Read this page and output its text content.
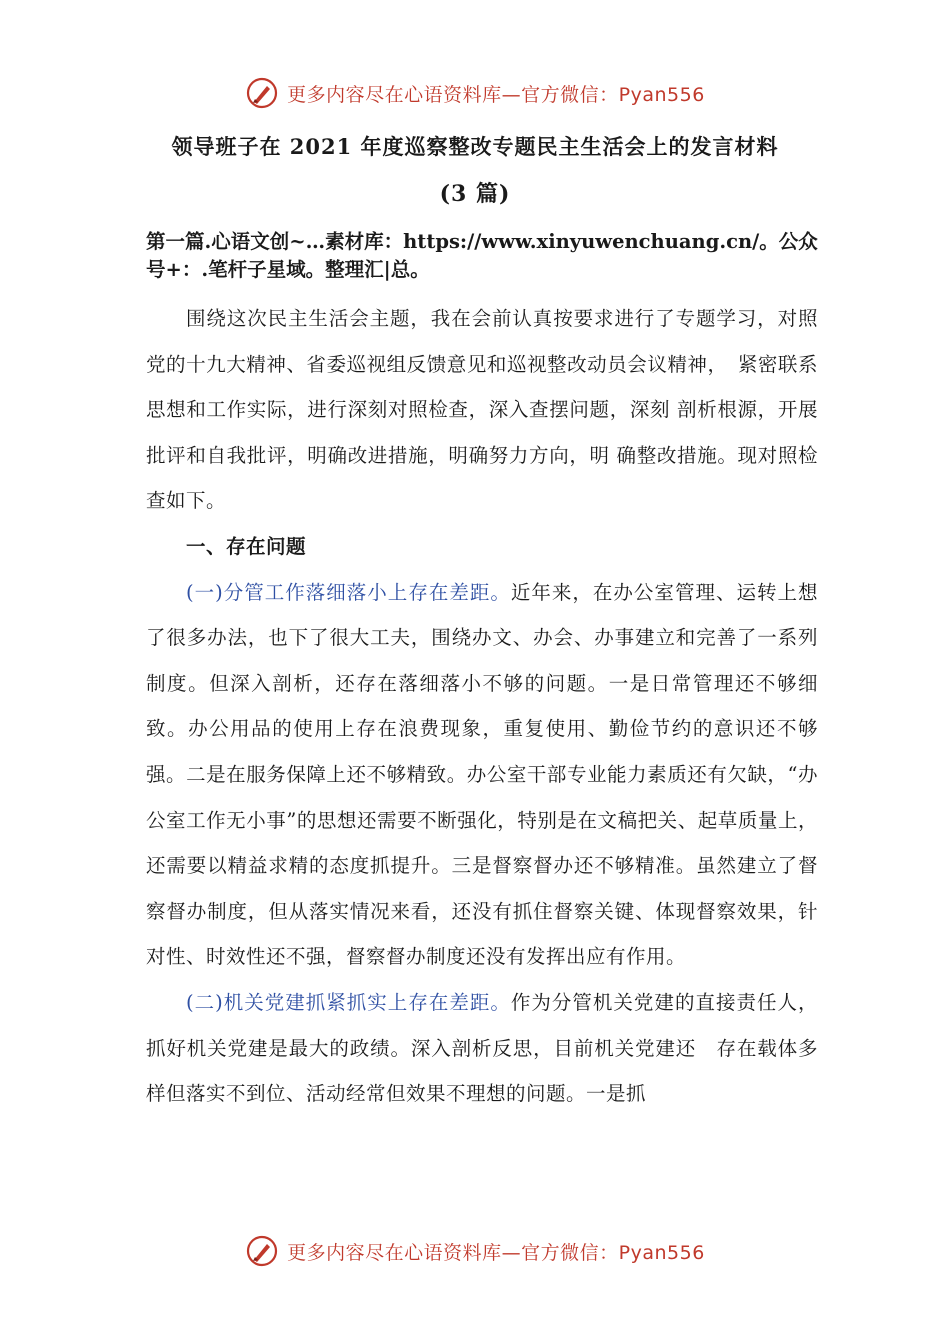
更多内容尽在心语资料库—官方微信：Pyan556
领导班子在 2021 年度巡察整改专题民主生活会上的发言材料
(3 篇)
第一篇.心语文创~…素材库：https://www.xinyuwenchuang.cn/。公众号+：.笔杆子星域。整理汇|总。

围绕这次民主生活会主题，我在会前认真按要求进行了专题学习，对照党的十九大精神、省委巡视组反馈意见和巡视整改动员会议精神，　紧密联系思想和工作实际，进行深刻对照检查，深入查摆问题，深刻 剖析根源，开展批评和自我批评，明确改进措施，明确努力方向，明 确整改措施。现对照检查如下。

一、存在问题

(一)分管工作落细落小上存在差距。近年来，在办公室管理、运转上想了很多办法，也下了很大工夫，围绕办文、办会、办事建立和完善了一系列制度。但深入剖析，还存在落细落小不够的问题。一是日常管理还不够细致。办公用品的使用上存在浪费现象，重复使用、勤俭节约的意识还不够强。二是在服务保障上还不够精致。办公室干部专业能力素质还有欠缺，“办公室工作无小事”的思想还需要不断强化，特别是在文稿把关、起草质量上，还需要以精益求精的态度抓提升。三是督察督办还不够精准。虽然建立了督察督办制度，但从落实情况来看，还没有抓住督察关键、体现督察效果，针对性、时效性还不强，督察督办制度还没有发挥出应有作用。

(二)机关党建抓紧抓实上存在差距。作为分管机关党建的直接责任人，抓好机关党建是最大的政绩。深入剖析反思，目前机关党建还　存在载体多样但落实不到位、活动经常但效果不理想的问题。一是抓

更多内容尽在心语资料库—官方微信：Pyan556
